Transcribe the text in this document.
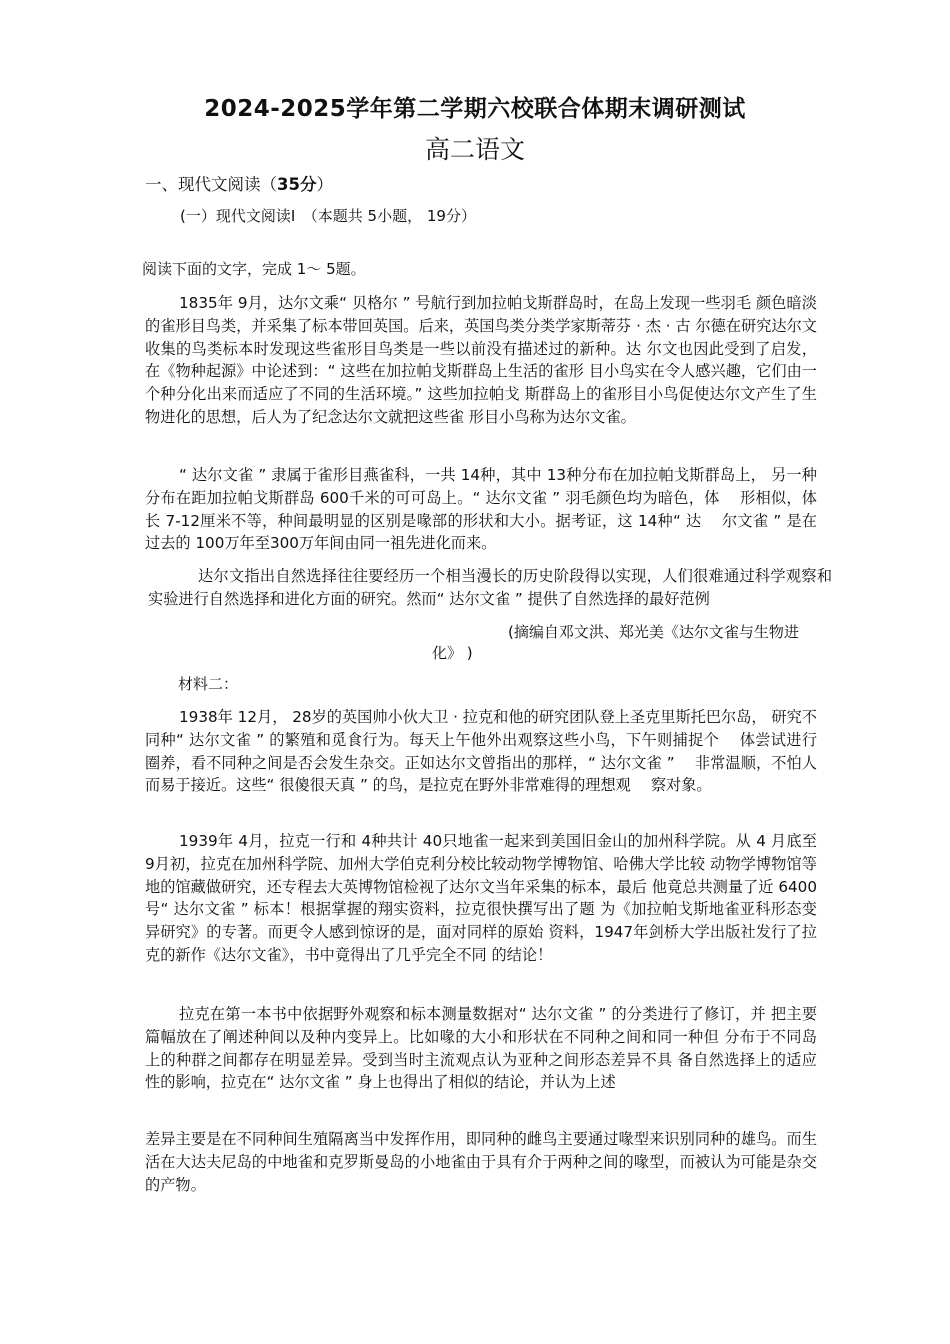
2024-2025学年第二学期六校联合体期末调研测试
高二语文
一、现代文阅读（35分）

(一）现代文阅读Ⅰ　（本题共 5小题， 19分）

阅读下面的文字，完成 1～ 5题。

1835年 9月，达尔文乘“ 贝格尔 ” 号航行到加拉帕戈斯群岛时，在岛上发现一些羽毛 颜色暗淡的雀形目鸟类，并采集了标本带回英国。后来，英国鸟类分类学家斯蒂芬 · 杰 · 古 尔德在研究达尔文收集的鸟类标本时发现这些雀形目鸟类是一些以前没有描述过的新种。达 尔文也因此受到了启发，在《物种起源》中论述到：“ 这些在加拉帕戈斯群岛上生活的雀形 目小鸟实在令人感兴趣，它们由一个种分化出来而适应了不同的生活环境。” 这些加拉帕戈 斯群岛上的雀形目小鸟促使达尔文产生了生物进化的思想，后人为了纪念达尔文就把这些雀 形目小鸟称为达尔文雀。

“ 达尔文雀 ” 隶属于雀形目燕雀科，一共 14种，其中 13种分布在加拉帕戈斯群岛上， 另一种分布在距加拉帕戈斯群岛 600千米的可可岛上。“ 达尔文雀 ” 羽毛颜色均为暗色，体　 形相似，体长 7-12厘米不等，种间最明显的区别是喙部的形状和大小。据考证，这 14种“ 达　 尔文雀 ” 是在过去的 100万年至300万年间由同一祖先进化而来。

达尔文指出自然选择往往要经历一个相当漫长的历史阶段得以实现，人们很难通过科学观察和实验进行自然选择和进化方面的研究。然而“ 达尔文雀 ” 提供了自然选择的最好范例

(摘编自邓文洪、郑光美《达尔文雀与生物进化》 )

材料二：

1938年 12月， 28岁的英国帅小伙大卫 · 拉克和他的研究团队登上圣克里斯托巴尔岛， 研究不同种“ 达尔文雀 ” 的繁殖和觅食行为。每天上午他外出观察这些小鸟，下午则捕捉个　 体尝试进行圈养，看不同种之间是否会发生杂交。正如达尔文曾指出的那样，“ 达尔文雀 ”　 非常温顺，不怕人而易于接近。这些“ 很傻很天真 ” 的鸟，是拉克在野外非常难得的理想观　 察对象。

1939年 4月，拉克一行和 4种共计 40只地雀一起来到美国旧金山的加州科学院。从 4 月底至 9月初，拉克在加州科学院、加州大学伯克利分校比较动物学博物馆、哈佛大学比较 动物学博物馆等地的馆藏做研究，还专程去大英博物馆检视了达尔文当年采集的标本，最后 他竟总共测量了近 6400号“ 达尔文雀 ” 标本！根据掌握的翔实资料，拉克很快撰写出了题 为《加拉帕戈斯地雀亚科形态变异研究》的专著。而更令人感到惊讶的是，面对同样的原始 资料，1947年剑桥大学出版社发行了拉克的新作《达尔文雀》，书中竟得出了几乎完全不同 的结论！

拉克在第一本书中依据野外观察和标本测量数据对“ 达尔文雀 ” 的分类进行了修订，并 把主要篇幅放在了阐述种间以及种内变异上。比如喙的大小和形状在不同种之间和同一种但 分布于不同岛上的种群之间都存在明显差异。受到当时主流观点认为亚种之间形态差异不具 备自然选择上的适应性的影响，拉克在“ 达尔文雀 ” 身上也得出了相似的结论，并认为上述

差异主要是在不同种间生殖隔离当中发挥作用，即同种的雌鸟主要通过喙型来识别同种的雄鸟。而生活在大达夫尼岛的中地雀和克罗斯曼岛的小地雀由于具有介于两种之间的喙型，而被认为可能是杂交的产物。
